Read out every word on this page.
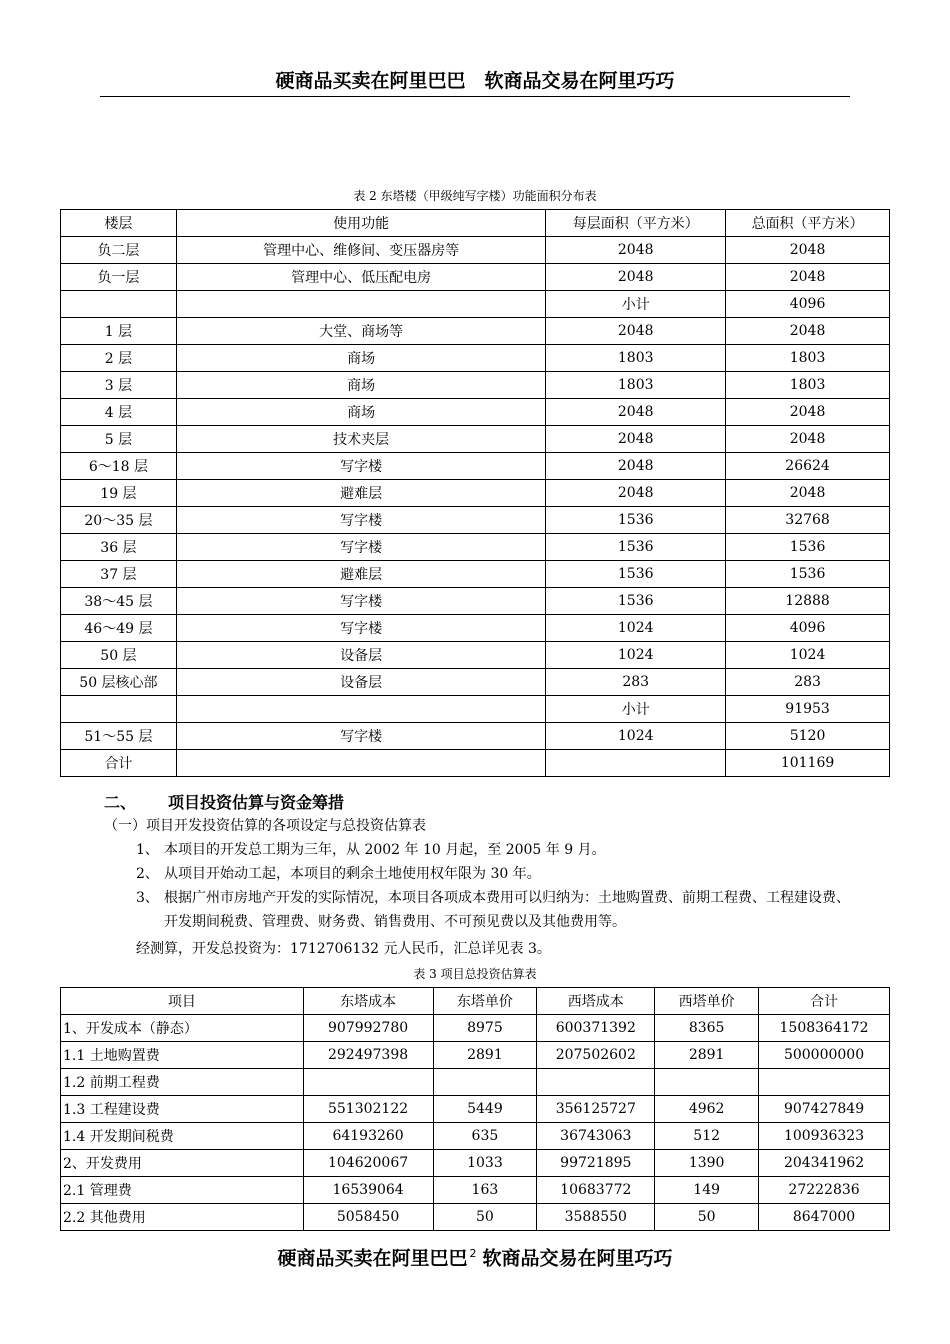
硬商品买卖在阿里巴巴　软商品交易在阿里巧巧
表 2 东塔楼（甲级纯写字楼）功能面积分布表
楼层	使用功能	每层面积（平方米）	总面积（平方米）
负二层	管理中心、维修间、变压器房等	2048	2048
负一层	管理中心、低压配电房	2048	2048
		小计	4096
1 层	大堂、商场等	2048	2048
2 层	商场	1803	1803
3 层	商场	1803	1803
4 层	商场	2048	2048
5 层	技术夹层	2048	2048
6～18 层	写字楼	2048	26624
19 层	避难层	2048	2048
20～35 层	写字楼	1536	32768
36 层	写字楼	1536	1536
37 层	避难层	1536	1536
38～45 层	写字楼	1536	12888
46～49 层	写字楼	1024	4096
50 层	设备层	1024	1024
50 层核心部	设备层	283	283
		小计	91953
51～55 层	写字楼	1024	5120
合计			101169
二、 项目投资估算与资金筹措
（一）项目开发投资估算的各项设定与总投资估算表
1、 本项目的开发总工期为三年，从 2002 年 10 月起，至 2005 年 9 月。
2、 从项目开始动工起，本项目的剩余土地使用权年限为 30 年。
3、 根据广州市房地产开发的实际情况，本项目各项成本费用可以归纳为：土地购置费、前期工程费、工程建设费、开发期间税费、管理费、财务费、销售费用、不可预见费以及其他费用等。
经测算，开发总投资为：1712706132 元人民币，汇总详见表 3。
表 3 项目总投资估算表
项目	东塔成本	东塔单价	西塔成本	西塔单价	合计
1、开发成本（静态）	907992780	8975	600371392	8365	1508364172
1.1 土地购置费	292497398	2891	207502602	2891	500000000
1.2 前期工程费					
1.3 工程建设费	551302122	5449	356125727	4962	907427849
1.4 开发期间税费	64193260	635	36743063	512	100936323
2、开发费用	104620067	1033	99721895	1390	204341962
2.1 管理费	16539064	163	10683772	149	27222836
2.2 其他费用	5058450	50	3588550	50	8647000
硬商品买卖在阿里巴巴 $^2$ 软商品交易在阿里巧巧
